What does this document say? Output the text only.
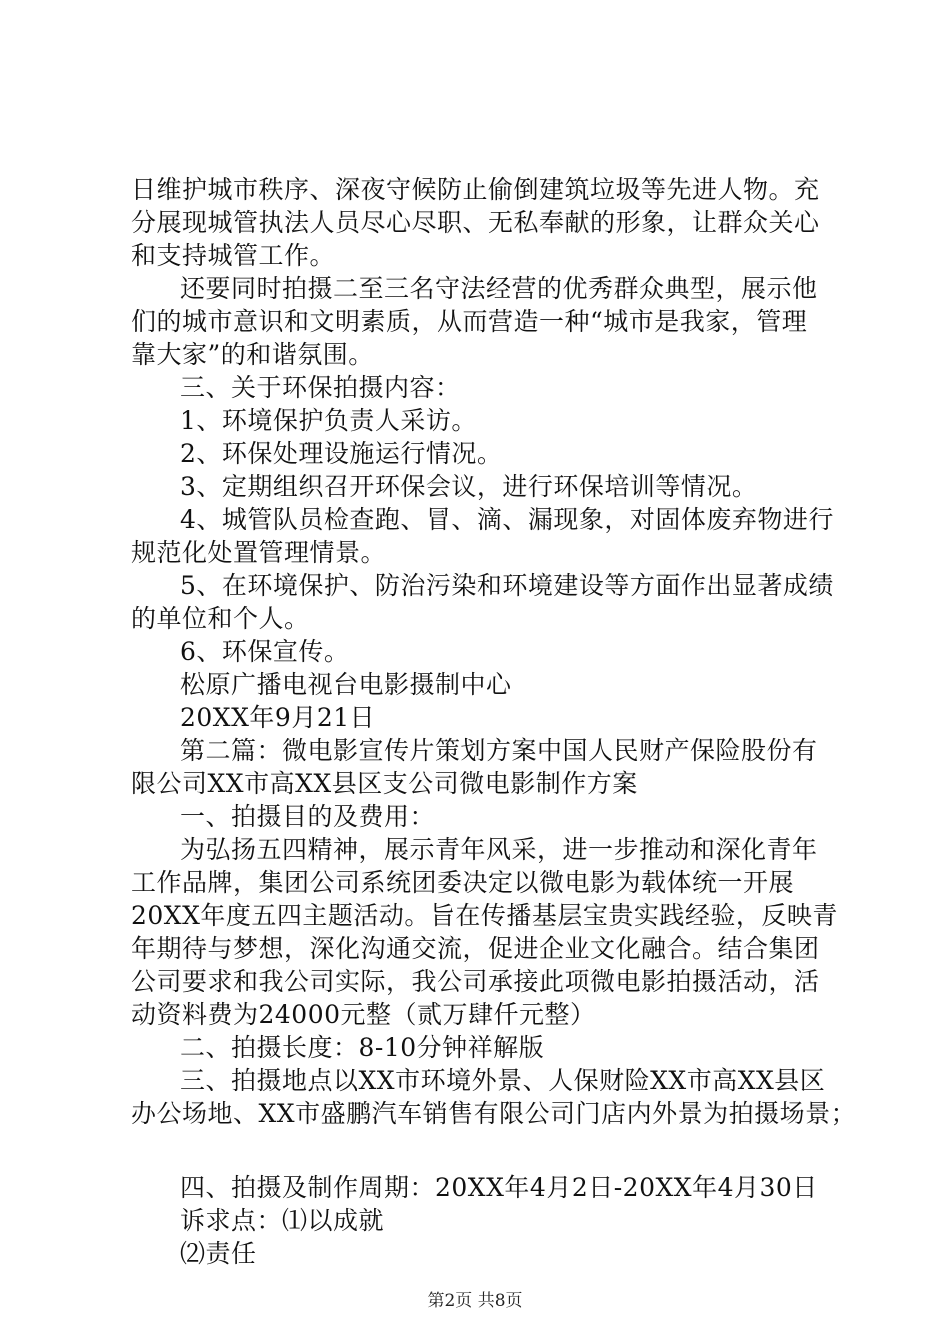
日维护城市秩序、深夜守候防止偷倒建筑垃圾等先进人物。充
分展现城管执法人员尽心尽职、无私奉献的形象，让群众关心
和支持城管工作。
还要同时拍摄二至三名守法经营的优秀群众典型，展示他
们的城市意识和文明素质，从而营造一种“城市是我家，管理
靠大家”的和谐氛围。
三、关于环保拍摄内容：
1、环境保护负责人采访。
2、环保处理设施运行情况。
3、定期组织召开环保会议，进行环保培训等情况。
4、城管队员检查跑、冒、滴、漏现象，对固体废弃物进行
规范化处置管理情景。
5、在环境保护、防治污染和环境建设等方面作出显著成绩
的单位和个人。
6、环保宣传。
松原广播电视台电影摄制中心
20XX年9月21日
第二篇：微电影宣传片策划方案中国人民财产保险股份有
限公司XX市高XX县区支公司微电影制作方案
一、拍摄目的及费用：
为弘扬五四精神，展示青年风采，进一步推动和深化青年
工作品牌，集团公司系统团委决定以微电影为载体统一开展
20XX年度五四主题活动。旨在传播基层宝贵实践经验，反映青
年期待与梦想，深化沟通交流，促进企业文化融合。结合集团
公司要求和我公司实际，我公司承接此项微电影拍摄活动，活
动资料费为24000元整（贰万肆仟元整）
二、拍摄长度：8-10分钟祥解版
三、拍摄地点以XX市环境外景、人保财险XX市高XX县区
办公场地、XX市盛鹏汽车销售有限公司门店内外景为拍摄场景；
四、拍摄及制作周期：20XX年4月2日-20XX年4月30日
诉求点：⑴以成就
⑵责任
第2页 共8页
